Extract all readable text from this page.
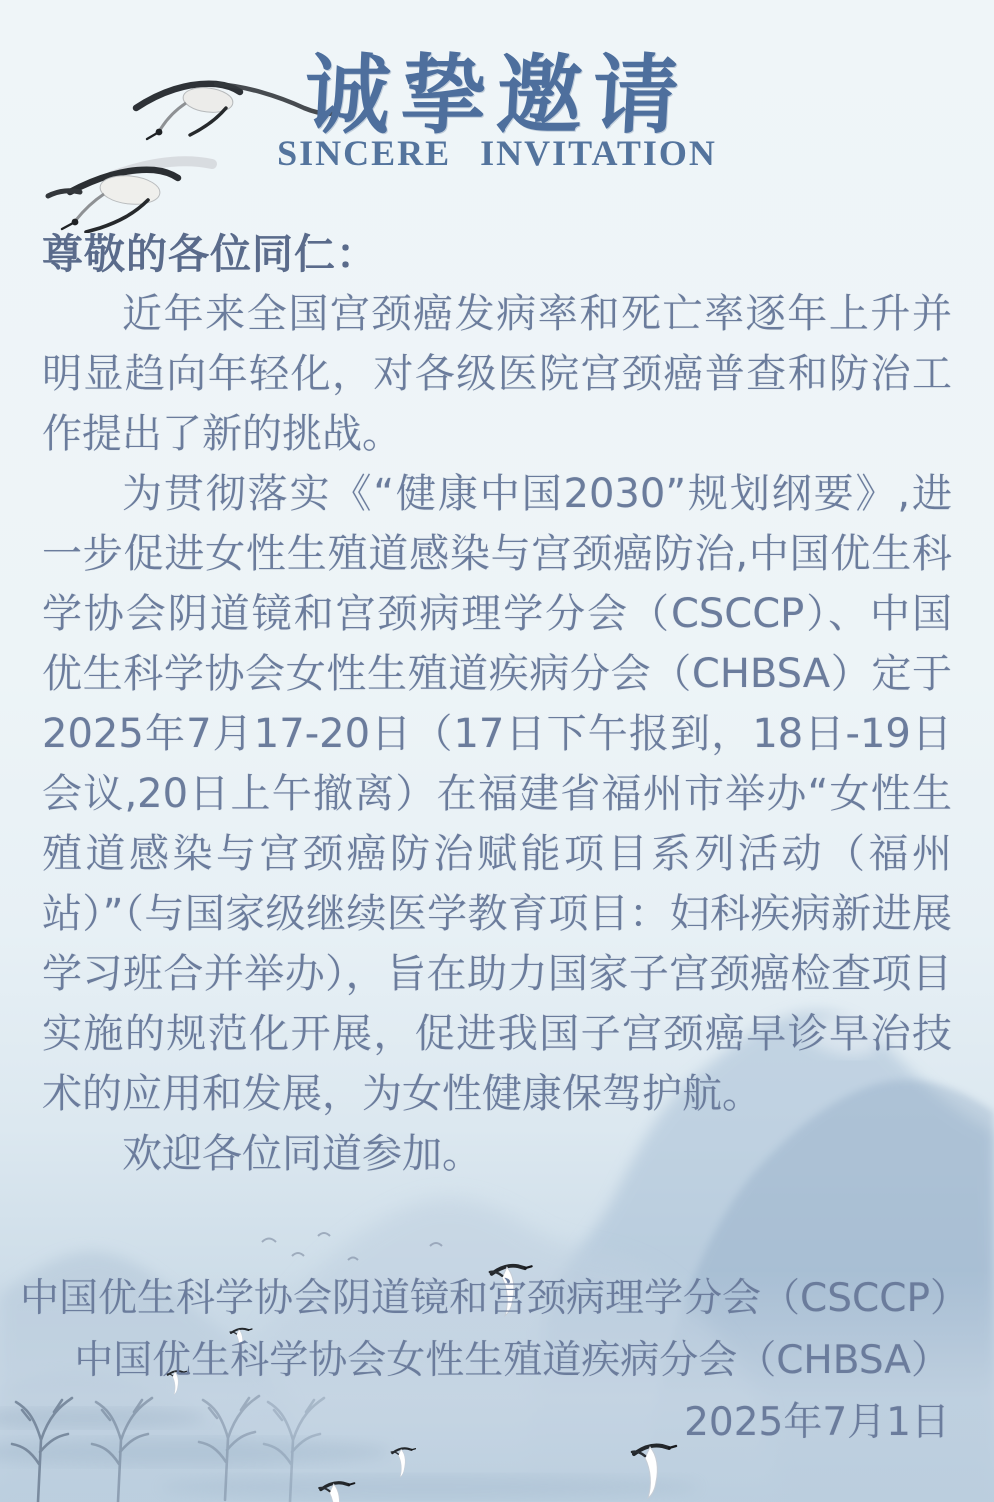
诚挚邀请
SINCERE INVITATION
尊敬的各位同仁：

近年来全国宫颈癌发病率和死亡率逐年上升并明显趋向年轻化，对各级医院宫颈癌普查和防治工作提出了新的挑战。

为贯彻落实《“健康中国2030”规划纲要》,进一步促进女性生殖道感染与宫颈癌防治,中国优生科学协会阴道镜和宫颈病理学分会（CSCCP）、中国优生科学协会女性生殖道疾病分会（CHBSA）定于2025年7月17-20日（17日下午报到，18日-19日会议,20日上午撤离）在福建省福州市举办“女性生殖道感染与宫颈癌防治赋能项目系列活动（福州站）”（与国家级继续医学教育项目：妇科疾病新进展学习班合并举办），旨在助力国家子宫颈癌检查项目实施的规范化开展，促进我国子宫颈癌早诊早治技术的应用和发展，为女性健康保驾护航。

欢迎各位同道参加。

中国优生科学协会阴道镜和宫颈病理学分会（CSCCP）
中国优生科学协会女性生殖道疾病分会（CHBSA）
2025年7月1日
